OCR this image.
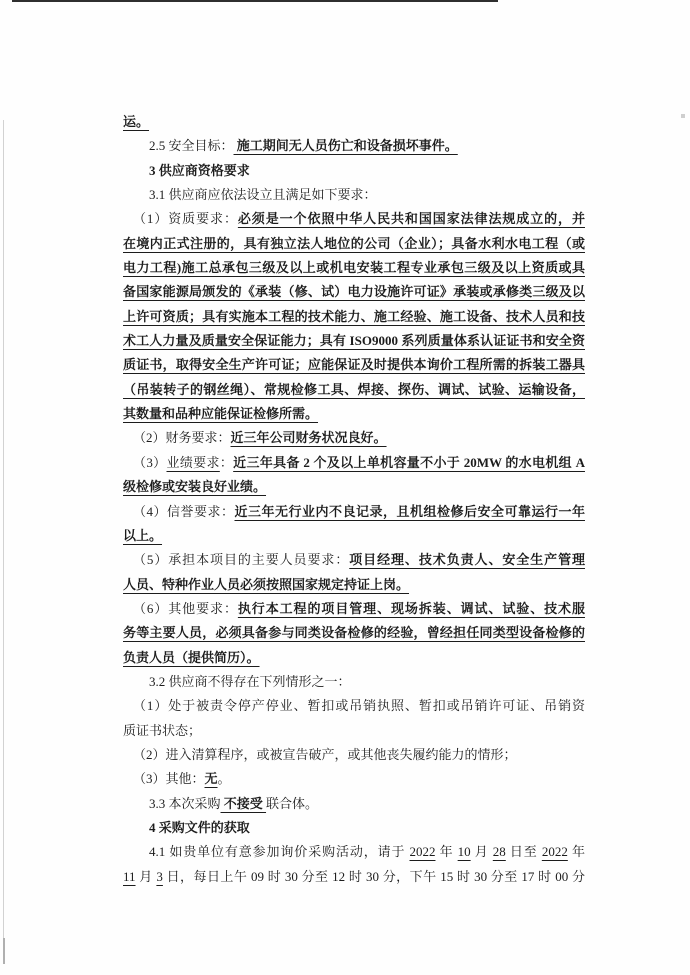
运。
2.5 安全目标： 施工期间无人员伤亡和设备损坏事件。
3 供应商资格要求
3.1 供应商应依法设立且满足如下要求：
（1）资质要求：必须是一个依照中华人民共和国国家法律法规成立的，并
在境内正式注册的，具有独立法人地位的公司（企业）；具备水利水电工程（或
电力工程)施工总承包三级及以上或机电安装工程专业承包三级及以上资质或具
备国家能源局颁发的《承装（修、试）电力设施许可证》承装或承修类三级及以
上许可资质；具有实施本工程的技术能力、施工经验、施工设备、技术人员和技
术工人力量及质量安全保证能力；具有 ISO9000 系列质量体系认证证书和安全资
质证书，取得安全生产许可证；应能保证及时提供本询价工程所需的拆装工器具
（吊装转子的钢丝绳）、常规检修工具、焊接、探伤、调试、试验、运输设备，
其数量和品种应能保证检修所需。
（2）财务要求：近三年公司财务状况良好。
（3）业绩要求：近三年具备 2 个及以上单机容量不小于 20MW 的水电机组 A
级检修或安装良好业绩。
（4）信誉要求：近三年无行业内不良记录，且机组检修后安全可靠运行一年
以上。
（5）承担本项目的主要人员要求：项目经理、技术负责人、安全生产管理
人员、特种作业人员必须按照国家规定持证上岗。
（6）其他要求：执行本工程的项目管理、现场拆装、调试、试验、技术服
务等主要人员，必须具备参与同类设备检修的经验，曾经担任同类型设备检修的
负责人员（提供简历）。
3.2 供应商不得存在下列情形之一：
（1）处于被责令停产停业、暂扣或吊销执照、暂扣或吊销许可证、吊销资
质证书状态；
（2）进入清算程序，或被宣告破产，或其他丧失履约能力的情形；
（3）其他：无。
3.3 本次采购 不接受 联合体。
4 采购文件的获取
4.1 如贵单位有意参加询价采购活动，请于 2022 年 10 月 28 日至 2022 年
11 月 3 日，每日上午 09 时 30 分至 12 时 30 分，下午 15 时 30 分至 17 时 00 分
